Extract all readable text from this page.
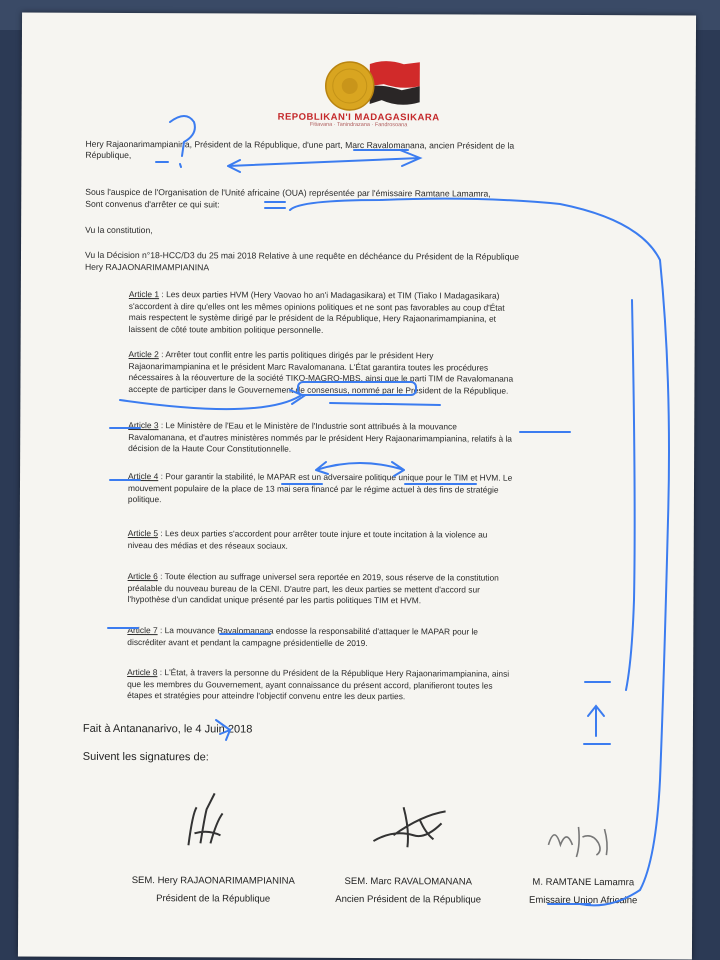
REPOBLIKAN'I MADAGASIKARA

Fitiavana · Tanindrazana · Fandrosoana

Hery Rajaonarimampianina, Président de la République, d'une part, Marc Ravalomanana, ancien Président de la

République,

Sous l'auspice de l'Organisation de l'Unité africaine (OUA) représentée par l'émissaire Ramtane Lamamra,

Sont convenus d'arrêter ce qui suit:

Vu la constitution,

Vu la Décision n°18-HCC/D3 du 25 mai 2018 Relative à une requête en déchéance du Président de la République

Hery RAJAONARIMAMPIANINA

Article 1 : Les deux parties HVM (Hery Vaovao ho an'i Madagasikara) et TIM (Tiako I Madagasikara)
s'accordent à dire qu'elles ont les mêmes opinions politiques et ne sont pas favorables au coup d'État
mais respectent le système dirigé par le président de la République, Hery Rajaonarimampianina, et
laissent de côté toute ambition politique personnelle.
Article 2 : Arrêter tout conflit entre les partis politiques dirigés par le président Hery
Rajaonarimampianina et le président Marc Ravalomanana. L'État garantira toutes les procédures
nécessaires à la réouverture de la société TIKO-MAGRO-MBS, ainsi que le parti TIM de Ravalomanana
accepte de participer dans le Gouvernement de consensus, nommé par le Président de la République.
Article 3 : Le Ministère de l'Eau et le Ministère de l'Industrie sont attribués à la mouvance
Ravalomanana, et d'autres ministères nommés par le président Hery Rajaonarimampianina, relatifs à la
décision de la Haute Cour Constitutionnelle.
Article 4 : Pour garantir la stabilité, le MAPAR est un adversaire politique unique pour le TIM et HVM. Le
mouvement populaire de la place de 13 mai sera financé par le régime actuel à des fins de stratégie
politique.
Article 5 : Les deux parties s'accordent pour arrêter toute injure et toute incitation à la violence au
niveau des médias et des réseaux sociaux.
Article 6 : Toute élection au suffrage universel sera reportée en 2019, sous réserve de la constitution
préalable du nouveau bureau de la CENI. D'autre part, les deux parties se mettent d'accord sur
l'hypothèse d'un candidat unique présenté par les partis politiques TIM et HVM.
Article 7 : La mouvance Ravalomanana endosse la responsabilité d'attaquer le MAPAR pour le
discréditer avant et pendant la campagne présidentielle de 2019.
Article 8 : L'État, à travers la personne du Président de la République Hery Rajaonarimampianina, ainsi
que les membres du Gouvernement, ayant connaissance du présent accord, planifieront toutes les
étapes et stratégies pour atteindre l'objectif convenu entre les deux parties.

Fait à Antananarivo, le 4 Juin 2018

Suivent les signatures de:

SEM. Hery RAJAONARIMAMPIANINA

Président de la République

SEM. Marc RAVALOMANANA

Ancien Président de la République

M. RAMTANE Lamamra

Emissaire Union Africaine
